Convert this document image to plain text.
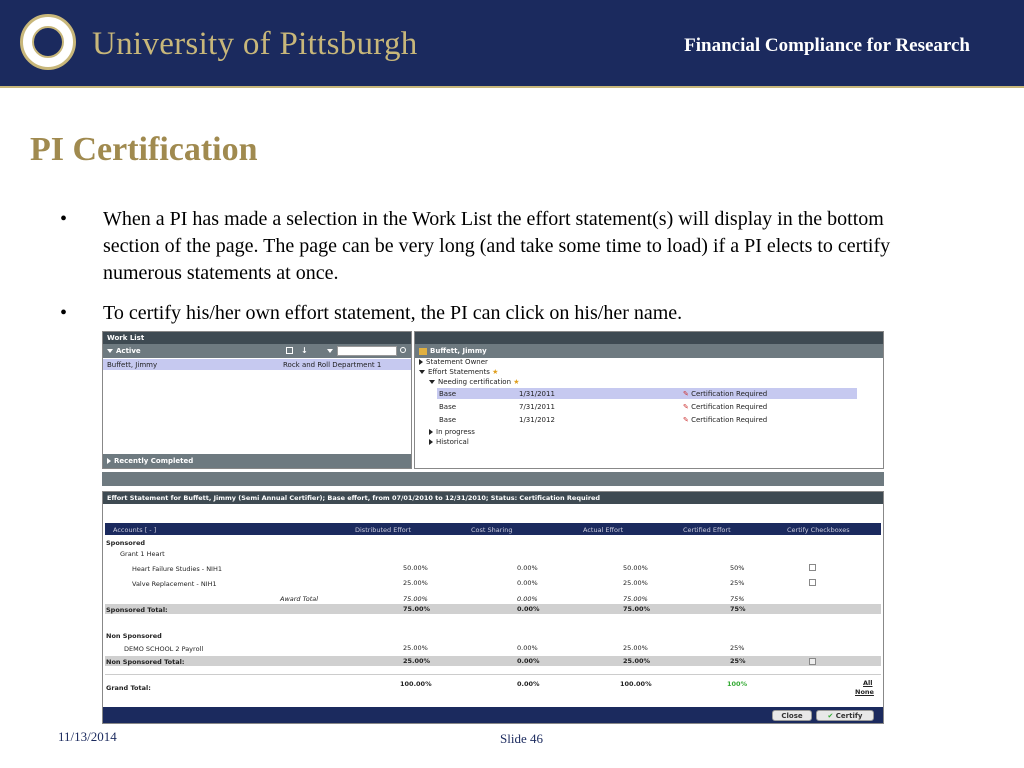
University of Pittsburgh	Financial Compliance for Research
PI Certification
• When a PI has made a selection in the Work List the effort statement(s) will display in the bottom section of the page. The page can be very long (and take some time to load) if a PI elects to certify numerous statements at once.
• To certify his/her own effort statement, the PI can click on his/her name.
Work List
Active	↓
Buffett, Jimmy	Rock and Roll Department 1
Recently Completed
Buffett, Jimmy
Statement Owner
Effort Statements ★
Needing certification ★
Base	1/31/2011	✎ Certification Required
Base	7/31/2011	✎ Certification Required
Base	1/31/2012	✎ Certification Required
In progress
Historical
Effort Statement for Buffett, Jimmy (Semi Annual Certifier); Base effort, from 07/01/2010 to 12/31/2010; Status: Certification Required
Accounts [ - ]	Distributed Effort	Cost Sharing	Actual Effort	Certified Effort	Certify Checkboxes
Sponsored
Grant 1 Heart
Heart Failure Studies - NIH1	50.00%	0.00%	50.00%	50%
Valve Replacement - NIH1	25.00%	0.00%	25.00%	25%
Award Total	75.00%	0.00%	75.00%	75%
Sponsored Total:	75.00%	0.00%	75.00%	75%
Non Sponsored
DEMO SCHOOL 2 Payroll	25.00%	0.00%	25.00%	25%
Non Sponsored Total:	25.00%	0.00%	25.00%	25%
Grand Total:	100.00%	0.00%	100.00%	100%	All
None
Close	✔ Certify
11/13/2014	Slide 46
